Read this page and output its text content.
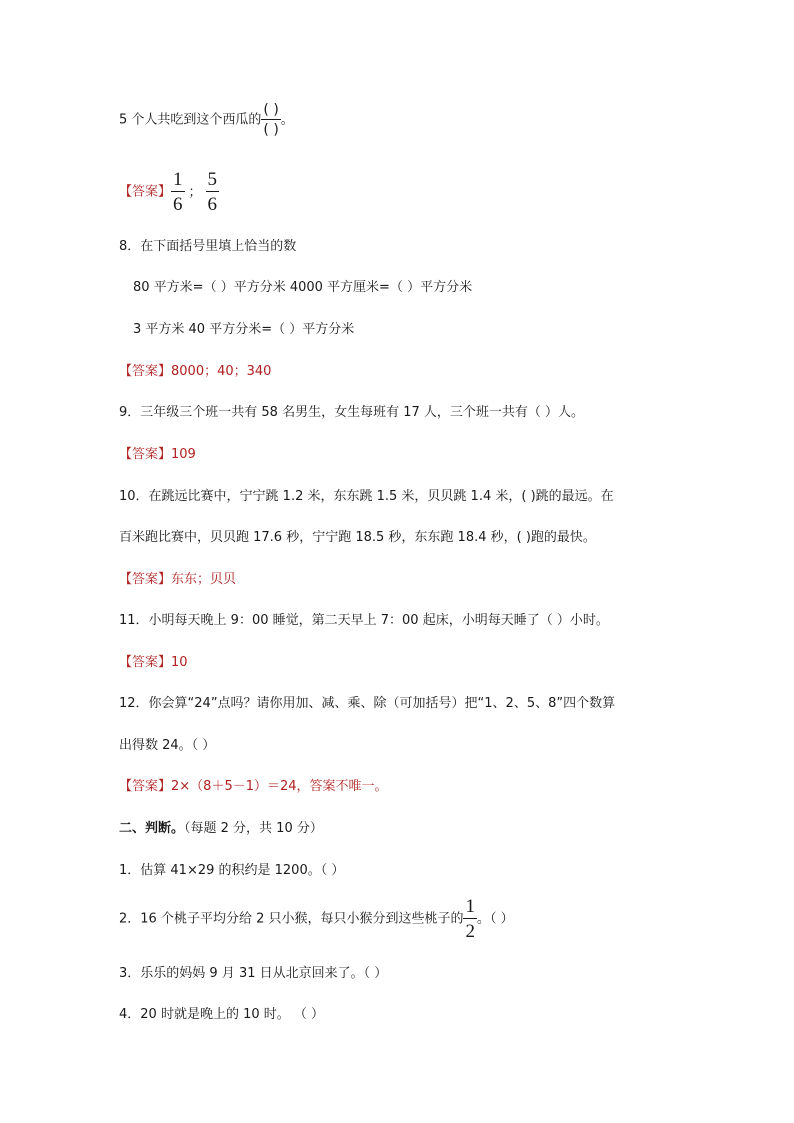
5 个人共吃到这个西瓜的 $\frac{( )}{( )}$ 。
【答案】 $\frac{1}{6}$ ； $\frac{5}{6}$
8．在下面括号里填上恰当的数
80 平方米=（ ）平方分米 4000 平方厘米=（ ）平方分米
3 平方米 40 平方分米=（ ）平方分米
【答案】8000；40；340
9．三年级三个班一共有 58 名男生，女生每班有 17 人，三个班一共有（ ）人。
【答案】109
10．在跳远比赛中，宁宁跳 1.2 米，东东跳 1.5 米，贝贝跳 1.4 米，( )跳的最远。在
百米跑比赛中，贝贝跑 17.6 秒，宁宁跑 18.5 秒，东东跑 18.4 秒，( )跑的最快。
【答案】东东；贝贝
11．小明每天晚上 9：00 睡觉，第二天早上 7：00 起床，小明每天睡了（ ）小时。
【答案】10
12．你会算“24”点吗？请你用加、减、乘、除（可加括号）把“1、2、5、8”四个数算
出得数 24。（ ）
【答案】2×（8＋5－1）＝24，答案不唯一。
二、判断。（每题 2 分，共 10 分）
1．估算 41×29 的积约是 1200。（ ）
2．16 个桃子平均分给 2 只小猴，每只小猴分到这些桃子的 $\frac{1}{2}$ 。（ ）
3．乐乐的妈妈 9 月 31 日从北京回来了。（ ）
4．20 时就是晚上的 10 时。 （ ）
